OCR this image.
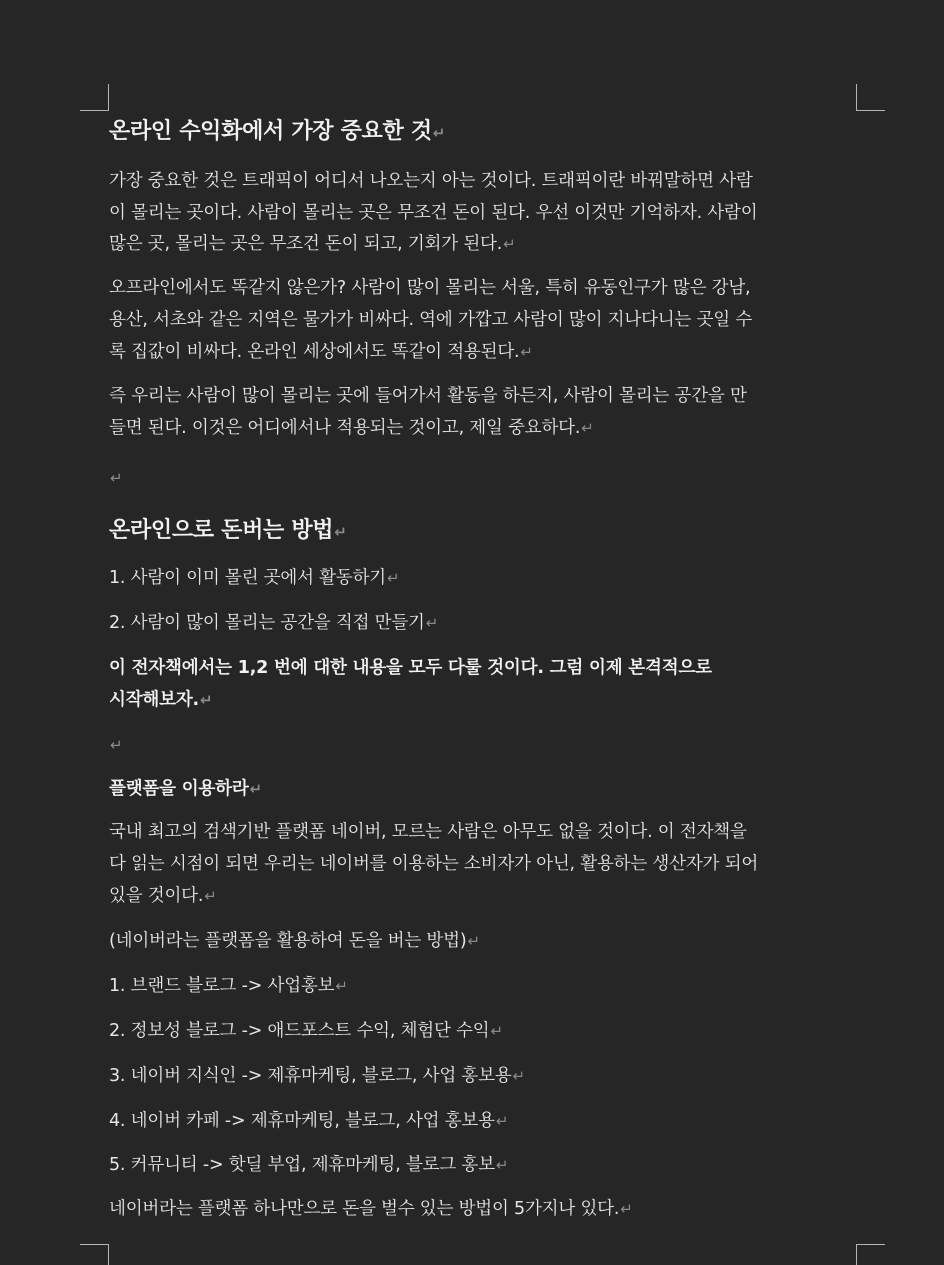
온라인 수익화에서 가장 중요한 것↵
가장 중요한 것은 트래픽이 어디서 나오는지 아는 것이다. 트래픽이란 바꿔말하면 사람
이 몰리는 곳이다. 사람이 몰리는 곳은 무조건 돈이 된다. 우선 이것만 기억하자. 사람이
많은 곳, 몰리는 곳은 무조건 돈이 되고, 기회가 된다.↵
오프라인에서도 똑같지 않은가? 사람이 많이 몰리는 서울, 특히 유동인구가 많은 강남,
용산, 서초와 같은 지역은 물가가 비싸다. 역에 가깝고 사람이 많이 지나다니는 곳일 수
록 집값이 비싸다. 온라인 세상에서도 똑같이 적용된다.↵
즉 우리는 사람이 많이 몰리는 곳에 들어가서 활동을 하든지, 사람이 몰리는 공간을 만
들면 된다. 이것은 어디에서나 적용되는 것이고, 제일 중요하다.↵
↵
온라인으로 돈버는 방법↵
1. 사람이 이미 몰린 곳에서 활동하기↵
2. 사람이 많이 몰리는 공간을 직접 만들기↵
이 전자책에서는 1,2 번에 대한 내용을 모두 다룰 것이다. 그럼 이제 본격적으로
시작해보자.↵
↵
플랫폼을 이용하라↵
국내 최고의 검색기반 플랫폼 네이버, 모르는 사람은 아무도 없을 것이다. 이 전자책을
다 읽는 시점이 되면 우리는 네이버를 이용하는 소비자가 아닌, 활용하는 생산자가 되어
있을 것이다.↵
(네이버라는 플랫폼을 활용하여 돈을 버는 방법)↵
1. 브랜드 블로그 -> 사업홍보↵
2. 정보성 블로그 -> 애드포스트 수익, 체험단 수익↵
3. 네이버 지식인 -> 제휴마케팅, 블로그, 사업 홍보용↵
4. 네이버 카페 -> 제휴마케팅, 블로그, 사업 홍보용↵
5. 커뮤니티 -> 핫딜 부업, 제휴마케팅, 블로그 홍보↵
네이버라는 플랫폼 하나만으로 돈을 벌수 있는 방법이 5가지나 있다.↵
